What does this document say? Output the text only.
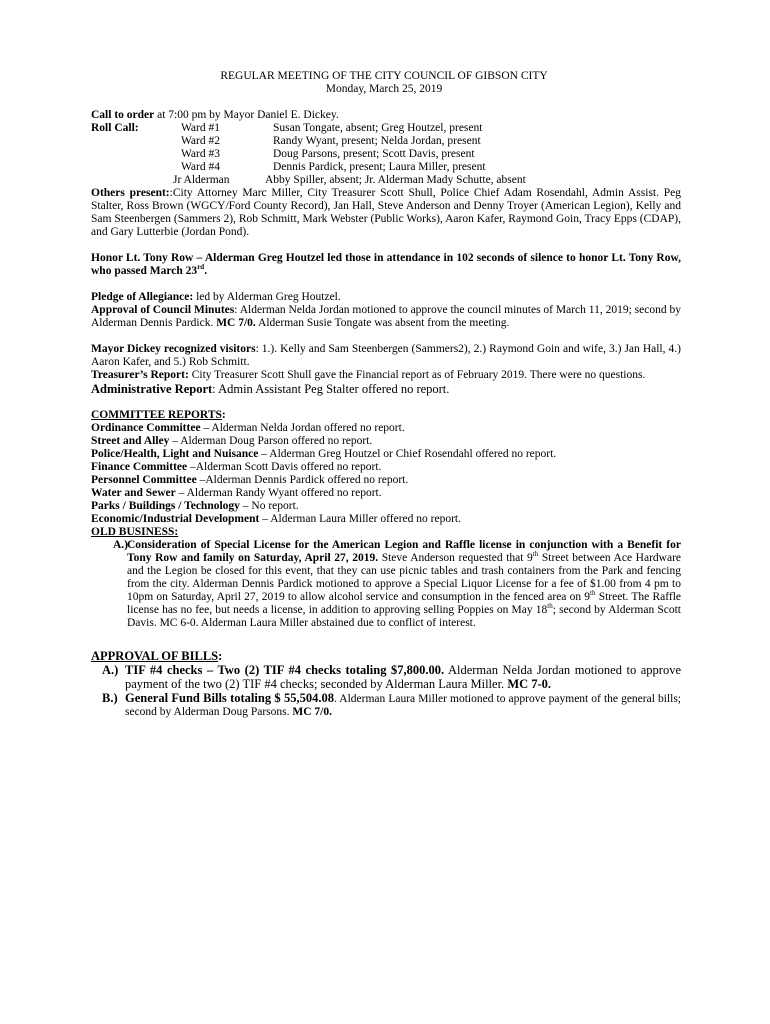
REGULAR MEETING OF THE CITY COUNCIL OF GIBSON CITY

Monday, March 25, 2019

Call to order at 7:00 pm by Mayor Daniel E. Dickey.

Roll Call:	Ward #1	Susan Tongate, absent; Greg Houtzel, present
Ward #2	Randy Wyant, present; Nelda Jordan, present
Ward #3	Doug Parsons, present; Scott Davis, present
Ward #4	Dennis Pardick, present; Laura Miller, present
Jr Alderman	Abby Spiller, absent; Jr. Alderman Mady Schutte, absent

Others present::City Attorney Marc Miller, City Treasurer Scott Shull, Police Chief Adam Rosendahl, Admin Assist. Peg Stalter, Ross Brown (WGCY/Ford County Record), Jan Hall, Steve Anderson and Denny Troyer (American Legion), Kelly and Sam Steenbergen (Sammers 2), Rob Schmitt, Mark Webster (Public Works), Aaron Kafer, Raymond Goin, Tracy Epps (CDAP), and Gary Lutterbie (Jordan Pond).

Honor Lt. Tony Row – Alderman Greg Houtzel led those in attendance in 102 seconds of silence to honor Lt. Tony Row, who passed March 23rd.

Pledge of Allegiance: led by Alderman Greg Houtzel.

Approval of Council Minutes: Alderman Nelda Jordan motioned to approve the council minutes of March 11, 2019; second by Alderman Dennis Pardick. MC 7/0. Alderman Susie Tongate was absent from the meeting.

Mayor Dickey recognized visitors: 1.). Kelly and Sam Steenbergen (Sammers2), 2.) Raymond Goin and wife, 3.) Jan Hall, 4.) Aaron Kafer, and 5.) Rob Schmitt.

Treasurer’s Report: City Treasurer Scott Shull gave the Financial report as of February 2019. There were no questions.

Administrative Report: Admin Assistant Peg Stalter offered no report.

COMMITTEE REPORTS:

Ordinance Committee – Alderman Nelda Jordan offered no report.

Street and Alley – Alderman Doug Parson offered no report.

Police/Health, Light and Nuisance – Alderman Greg Houtzel or Chief Rosendahl offered no report.

Finance Committee –Alderman Scott Davis offered no report.

Personnel Committee –Alderman Dennis Pardick offered no report.

Water and Sewer – Alderman Randy Wyant offered no report.

Parks / Buildings / Technology – No report.

Economic/Industrial Development – Alderman Laura Miller offered no report.

OLD BUSINESS:

A.)
Consideration of Special License for the American Legion and Raffle license in conjunction with a Benefit for Tony Row and family on Saturday, April 27, 2019. Steve Anderson requested that 9th Street between Ace Hardware and the Legion be closed for this event, that they can use picnic tables and trash containers from the Park and fencing from the city. Alderman Dennis Pardick motioned to approve a Special Liquor License for a fee of $1.00 from 4 pm to 10pm on Saturday, April 27, 2019 to allow alcohol service and consumption in the fenced area on 9th Street. The Raffle license has no fee, but needs a license, in addition to approving selling Poppies on May 18th; second by Alderman Scott Davis. MC 6-0. Alderman Laura Miller abstained due to conflict of interest.

APPROVAL OF BILLS:

A.) TIF #4 checks – Two (2) TIF #4 checks totaling $7,800.00. Alderman Nelda Jordan motioned to approve payment of the two (2) TIF #4 checks; seconded by Alderman Laura Miller. MC 7-0.
B.) General Fund Bills totaling $ 55,504.08. Alderman Laura Miller motioned to approve payment of the general bills; second by Alderman Doug Parsons. MC 7/0.
